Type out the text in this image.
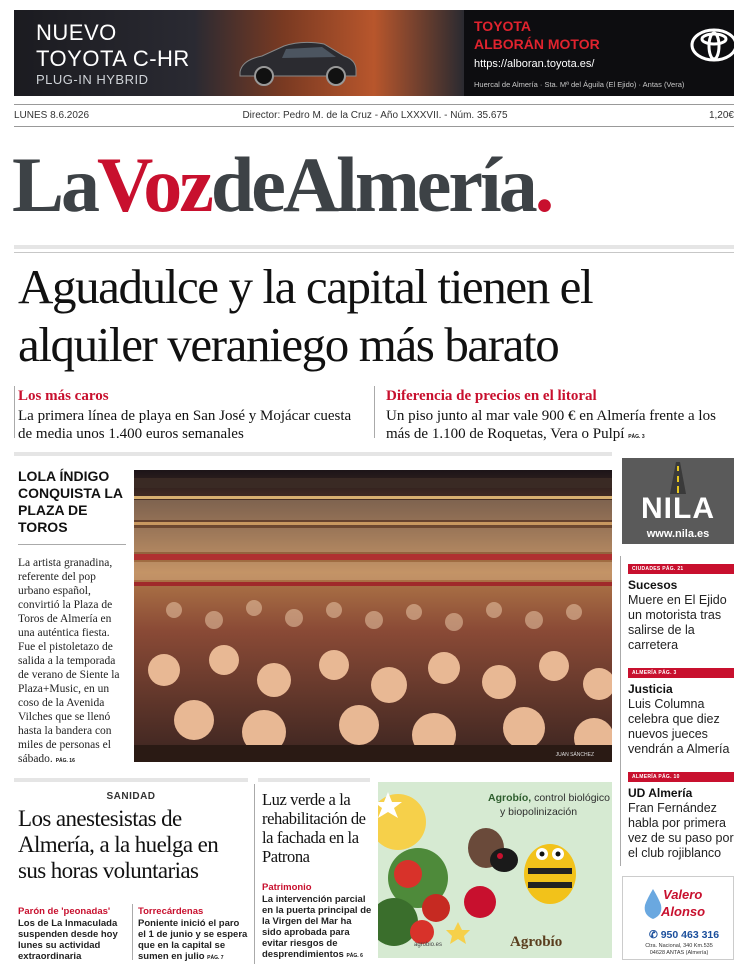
NUEVO
TOYOTA C-HR
PLUG-IN HYBRID
TOYOTA
ALBORÁN MOTOR
https://alboran.toyota.es/
Huercal de Almería · Sta. Mª del Águila (El Ejido) · Antas (Vera)
LUNES 8.6.2026	Director: Pedro M. de la Cruz - Año LXXXVII. - Núm. 35.675	1,20€
LaVozdeAlmería.
Aguadulce y la capital tienen el alquiler veraniego más barato
Los más caros
La primera línea de playa en San José y Mojácar cuesta de media unos 1.400 euros semanales
Diferencia de precios en el litoral
Un piso junto al mar vale 900 € en Almería frente a los más de 1.100 de Roquetas, Vera o Pulpí PÁG. 3
LOLA ÍNDIGO CONQUISTA LA PLAZA DE TOROS
La artista granadina, referente del pop urbano español, convirtió la Plaza de Toros de Almería en una auténtica fiesta. Fue el pistoletazo de salida a la temporada de verano de Siente la Plaza+Music, en un coso de la Avenida Vilches que se llenó hasta la bandera con miles de personas el sábado. PÁG. 16
JUAN SÁNCHEZ
NILA
www.nila.es
CIUDADES PÁG. 21
Sucesos
Muere en El Ejido un motorista tras salirse de la carretera
ALMERÍA PÁG. 3
Justicia
Luis Columna celebra que diez nuevos jueces vendrán a Almería
ALMERÍA PÁG. 10
UD Almería
Fran Fernández habla por primera vez de su paso por el club rojiblanco
SANIDAD
Los anestesistas de Almería, a la huelga en sus horas voluntarias
Parón de 'peonadas'
Los de La Inmaculada suspenden desde hoy lunes su actividad extraordinaria
Torrecárdenas
Poniente inició el paro el 1 de junio y se espera que en la capital se sumen en julio PÁG. 7
Luz verde a la rehabilitación de la fachada en la Patrona
Patrimonio
La intervención parcial en la puerta principal de la Virgen del Mar ha sido aprobada para evitar riesgos de desprendimientos PÁG. 6
Agrobío, control biológico
y biopolinización
agrobio.es	Agrobío
Valero
Alonso
✆ 950 463 316
Ctra. Nacional, 340 Km.535
04628 ANTAS (Almería)
